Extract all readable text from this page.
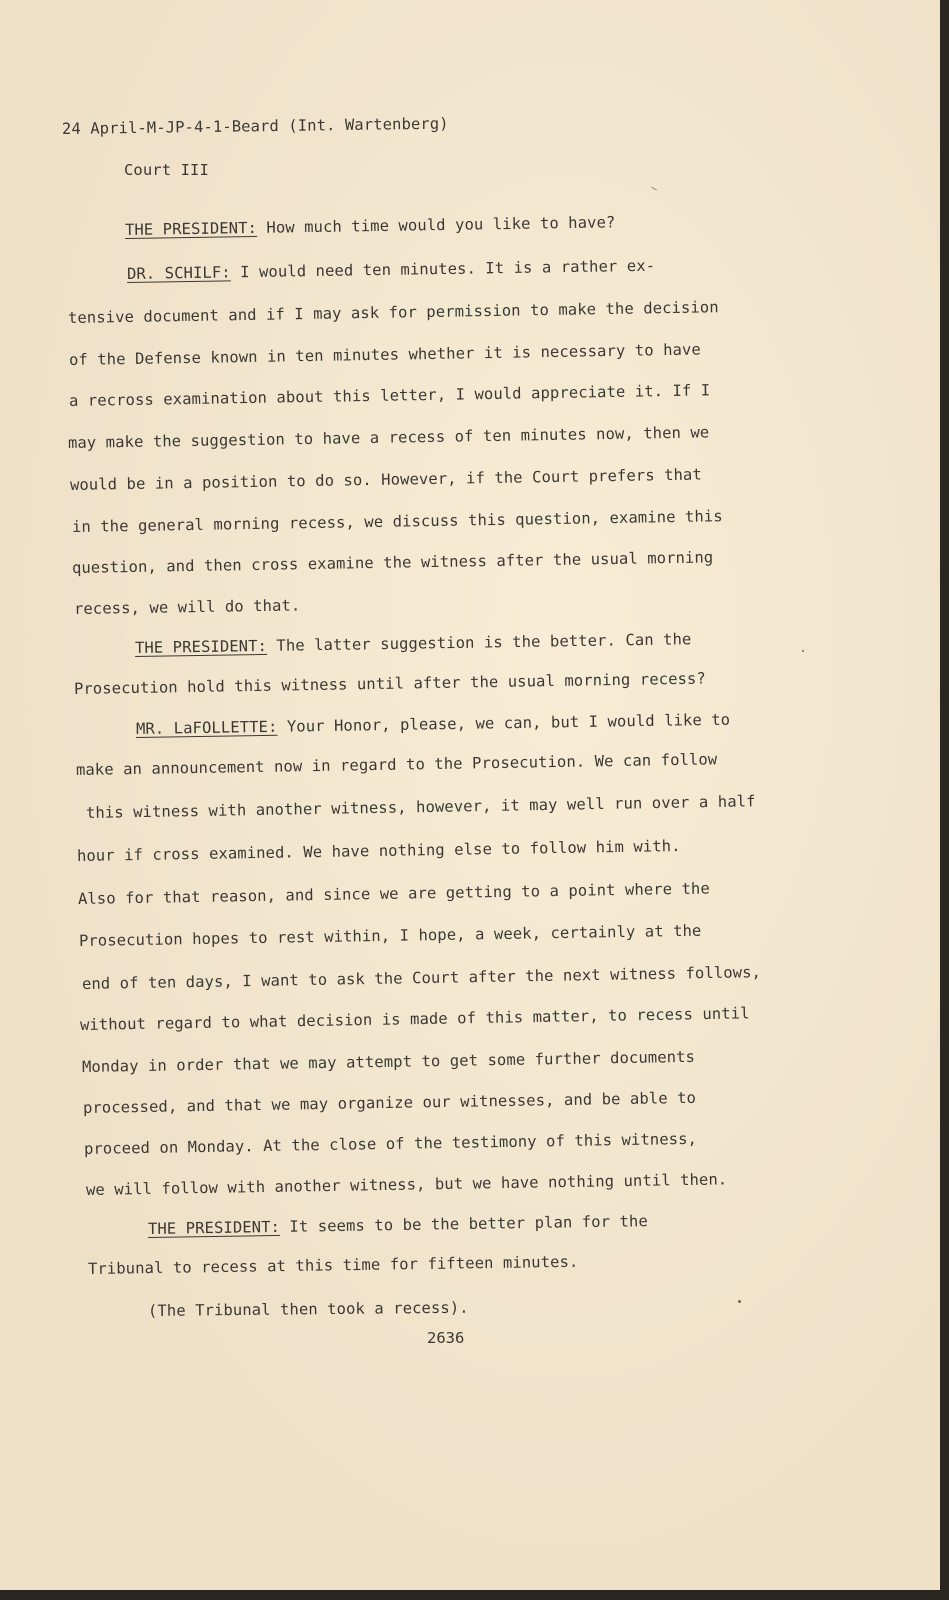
24 April-M-JP-4-1-Beard (Int. Wartenberg)
Court III
THE PRESIDENT: How much time would you like to have?
DR. SCHILF: I would need ten minutes. It is a rather ex-
tensive document and if I may ask for permission to make the decision
of the Defense known in ten minutes whether it is necessary to have
a recross examination about this letter, I would appreciate it. If I
may make the suggestion to have a recess of ten minutes now, then we
would be in a position to do so. However, if the Court prefers that
in the general morning recess, we discuss this question, examine this
question, and then cross examine the witness after the usual morning
recess, we will do that.
THE PRESIDENT: The latter suggestion is the better. Can the
Prosecution hold this witness until after the usual morning recess?
MR. LaFOLLETTE: Your Honor, please, we can, but I would like to
make an announcement now in regard to the Prosecution. We can follow
this witness with another witness, however, it may well run over a half
hour if cross examined. We have nothing else to follow him with.
Also for that reason, and since we are getting to a point where the
Prosecution hopes to rest within, I hope, a week, certainly at the
end of ten days, I want to ask the Court after the next witness follows,
without regard to what decision is made of this matter, to recess until
Monday in order that we may attempt to get some further documents
processed, and that we may organize our witnesses, and be able to
proceed on Monday. At the close of the testimony of this witness,
we will follow with another witness, but we have nothing until then.
THE PRESIDENT: It seems to be the better plan for the
Tribunal to recess at this time for fifteen minutes.
(The Tribunal then took a recess).
2636
